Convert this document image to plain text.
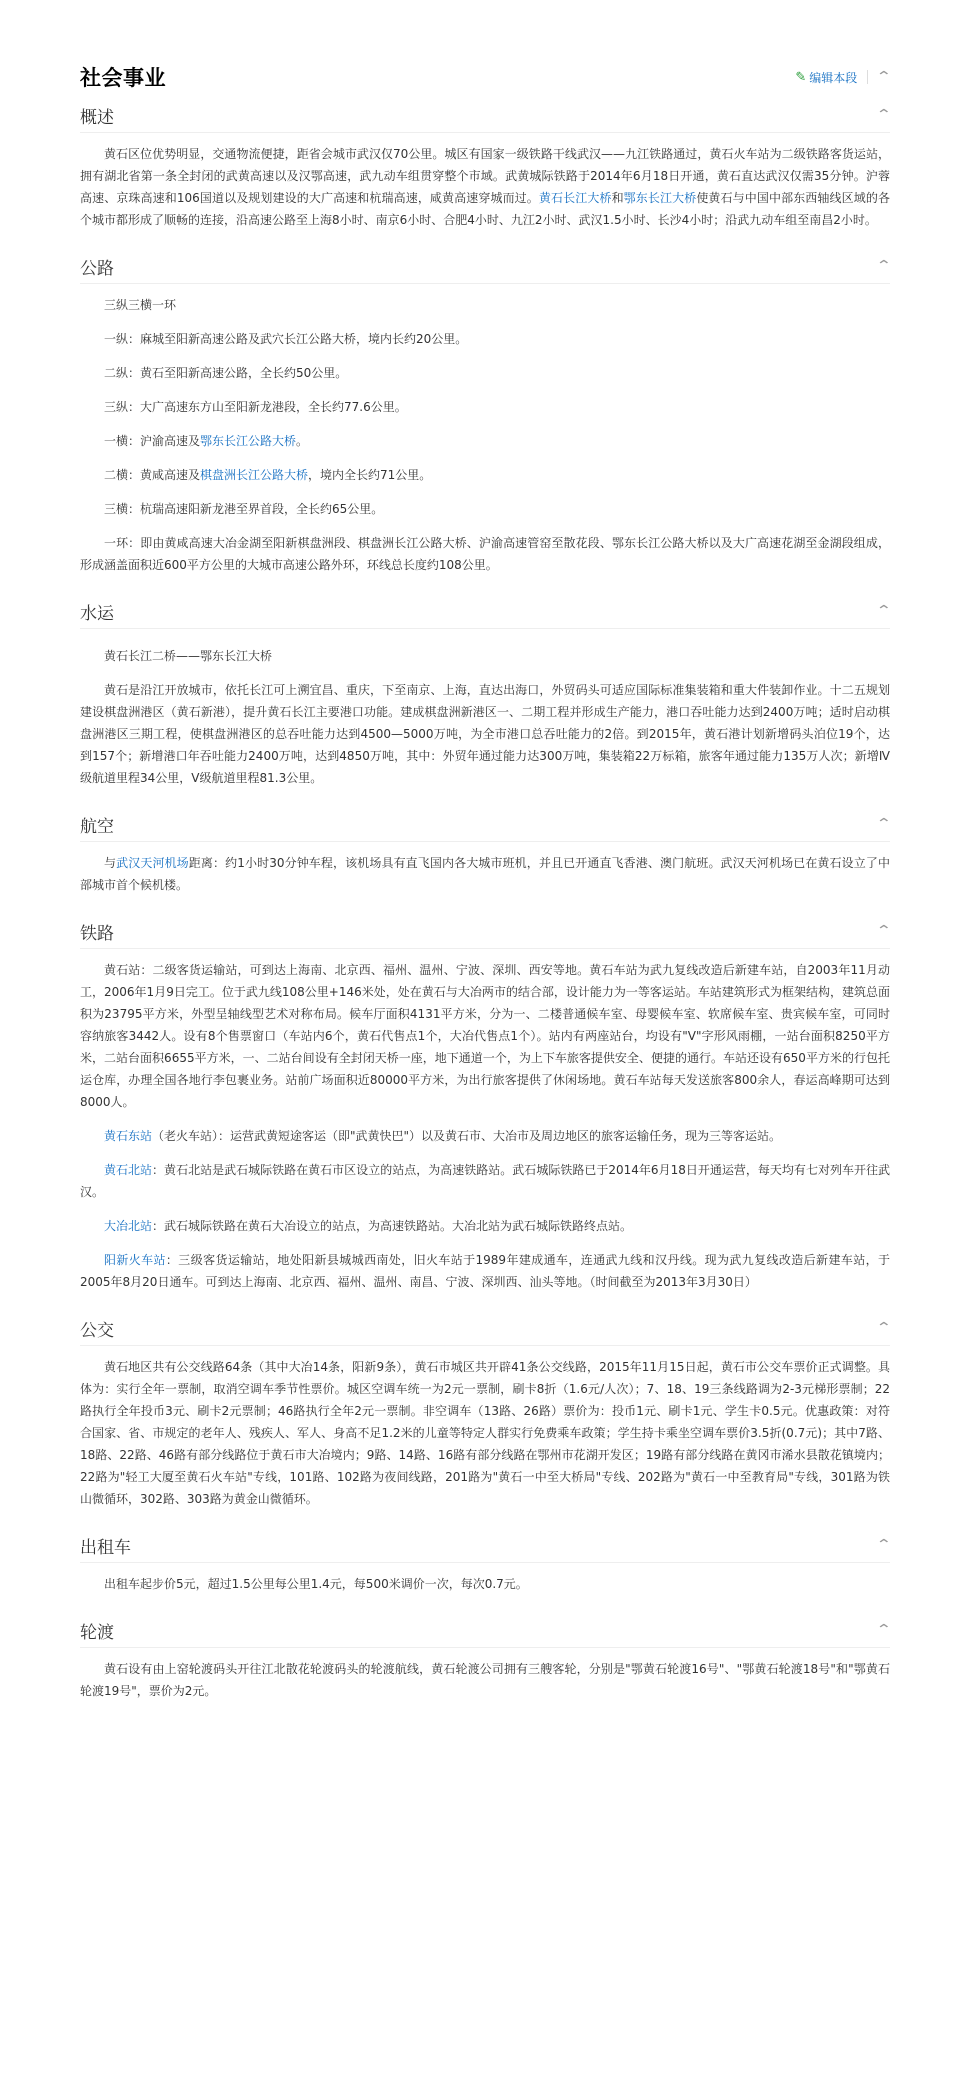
社会事业	✎ 编辑本段 ⌃
概述	⌃

黄石区位优势明显，交通物流便捷，距省会城市武汉仅70公里。城区有国家一级铁路干线武汉——九江铁路通过，黄石火车站为二级铁路客货运站，拥有湖北省第一条全封闭的武黄高速以及汉鄂高速，武九动车组贯穿整个市域。武黄城际铁路于2014年6月18日开通，黄石直达武汉仅需35分钟。沪蓉高速、京珠高速和106国道以及规划建设的大广高速和杭瑞高速，咸黄高速穿城而过。黄石长江大桥和鄂东长江大桥使黄石与中国中部东西轴线区域的各个城市都形成了顺畅的连接，沿高速公路至上海8小时、南京6小时、合肥4小时、九江2小时、武汉1.5小时、长沙4小时；沿武九动车组至南昌2小时。

公路	⌃

三纵三横一环

一纵：麻城至阳新高速公路及武穴长江公路大桥，境内长约20公里。

二纵：黄石至阳新高速公路，全长约50公里。

三纵：大广高速东方山至阳新龙港段，全长约77.6公里。

一横：沪渝高速及鄂东长江公路大桥。

二横：黄咸高速及棋盘洲长江公路大桥，境内全长约71公里。

三横：杭瑞高速阳新龙港至界首段，全长约65公里。

一环：即由黄咸高速大冶金湖至阳新棋盘洲段、棋盘洲长江公路大桥、沪渝高速管窑至散花段、鄂东长江公路大桥以及大广高速花湖至金湖段组成，形成涵盖面积近600平方公里的大城市高速公路外环，环线总长度约108公里。

水运	⌃

黄石长江二桥——鄂东长江大桥

黄石是沿江开放城市，依托长江可上溯宜昌、重庆，下至南京、上海，直达出海口，外贸码头可适应国际标准集装箱和重大件装卸作业。十二五规划建设棋盘洲港区（黄石新港），提升黄石长江主要港口功能。建成棋盘洲新港区一、二期工程并形成生产能力，港口吞吐能力达到2400万吨；适时启动棋盘洲港区三期工程，使棋盘洲港区的总吞吐能力达到4500—5000万吨，为全市港口总吞吐能力的2倍。到2015年，黄石港计划新增码头泊位19个，达到157个；新增港口年吞吐能力2400万吨，达到4850万吨，其中：外贸年通过能力达300万吨，集装箱22万标箱，旅客年通过能力135万人次；新增Ⅳ级航道里程34公里，Ⅴ级航道里程81.3公里。

航空	⌃

与武汉天河机场距离：约1小时30分钟车程，该机场具有直飞国内各大城市班机，并且已开通直飞香港、澳门航班。武汉天河机场已在黄石设立了中部城市首个候机楼。

铁路	⌃

黄石站：二级客货运输站，可到达上海南、北京西、福州、温州、宁波、深圳、西安等地。黄石车站为武九复线改造后新建车站，自2003年11月动工，2006年1月9日完工。位于武九线108公里+146米处，处在黄石与大冶两市的结合部，设计能力为一等客运站。车站建筑形式为框架结构，建筑总面积为23795平方米，外型呈轴线型艺术对称布局。候车厅面积4131平方米，分为一、二楼普通候车室、母婴候车室、软席候车室、贵宾候车室，可同时容纳旅客3442人。设有8个售票窗口（车站内6个，黄石代售点1个，大冶代售点1个）。站内有两座站台，均设有"V"字形风雨棚，一站台面积8250平方米，二站台面积6655平方米，一、二站台间设有全封闭天桥一座，地下通道一个，为上下车旅客提供安全、便捷的通行。车站还设有650平方米的行包托运仓库，办理全国各地行李包裹业务。站前广场面积近80000平方米，为出行旅客提供了休闲场地。黄石车站每天发送旅客800余人，春运高峰期可达到8000人。

黄石东站（老火车站）：运营武黄短途客运（即"武黄快巴"）以及黄石市、大冶市及周边地区的旅客运输任务，现为三等客运站。

黄石北站：黄石北站是武石城际铁路在黄石市区设立的站点，为高速铁路站。武石城际铁路已于2014年6月18日开通运营，每天均有七对列车开往武汉。

大冶北站：武石城际铁路在黄石大冶设立的站点，为高速铁路站。大冶北站为武石城际铁路终点站。

阳新火车站：三级客货运输站，地处阳新县城城西南处，旧火车站于1989年建成通车，连通武九线和汉丹线。现为武九复线改造后新建车站，于2005年8月20日通车。可到达上海南、北京西、福州、温州、南昌、宁波、深圳西、汕头等地。（时间截至为2013年3月30日）

公交	⌃

黄石地区共有公交线路64条（其中大冶14条，阳新9条），黄石市城区共开辟41条公交线路，2015年11月15日起，黄石市公交车票价正式调整。具体为：实行全年一票制，取消空调车季节性票价。城区空调车统一为2元一票制，刷卡8折（1.6元/人次）；7、18、19三条线路调为2-3元梯形票制；22路执行全年投币3元、刷卡2元票制；46路执行全年2元一票制。非空调车（13路、26路）票价为：投币1元、刷卡1元、学生卡0.5元。优惠政策：对符合国家、省、市规定的老年人、残疾人、军人、身高不足1.2米的儿童等特定人群实行免费乘车政策；学生持卡乘坐空调车票价3.5折(0.7元)；其中7路、18路、22路、46路有部分线路位于黄石市大冶境内；9路、14路、16路有部分线路在鄂州市花湖开发区；19路有部分线路在黄冈市浠水县散花镇境内；22路为"轻工大厦至黄石火车站"专线，101路、102路为夜间线路，201路为"黄石一中至大桥局"专线、202路为"黄石一中至教育局"专线，301路为铁山微循环，302路、303路为黄金山微循环。

出租车	⌃

出租车起步价5元，超过1.5公里每公里1.4元，每500米调价一次，每次0.7元。

轮渡	⌃

黄石设有由上窑轮渡码头开往江北散花轮渡码头的轮渡航线，黄石轮渡公司拥有三艘客轮，分别是"鄂黄石轮渡16号"、"鄂黄石轮渡18号"和"鄂黄石轮渡19号"，票价为2元。
